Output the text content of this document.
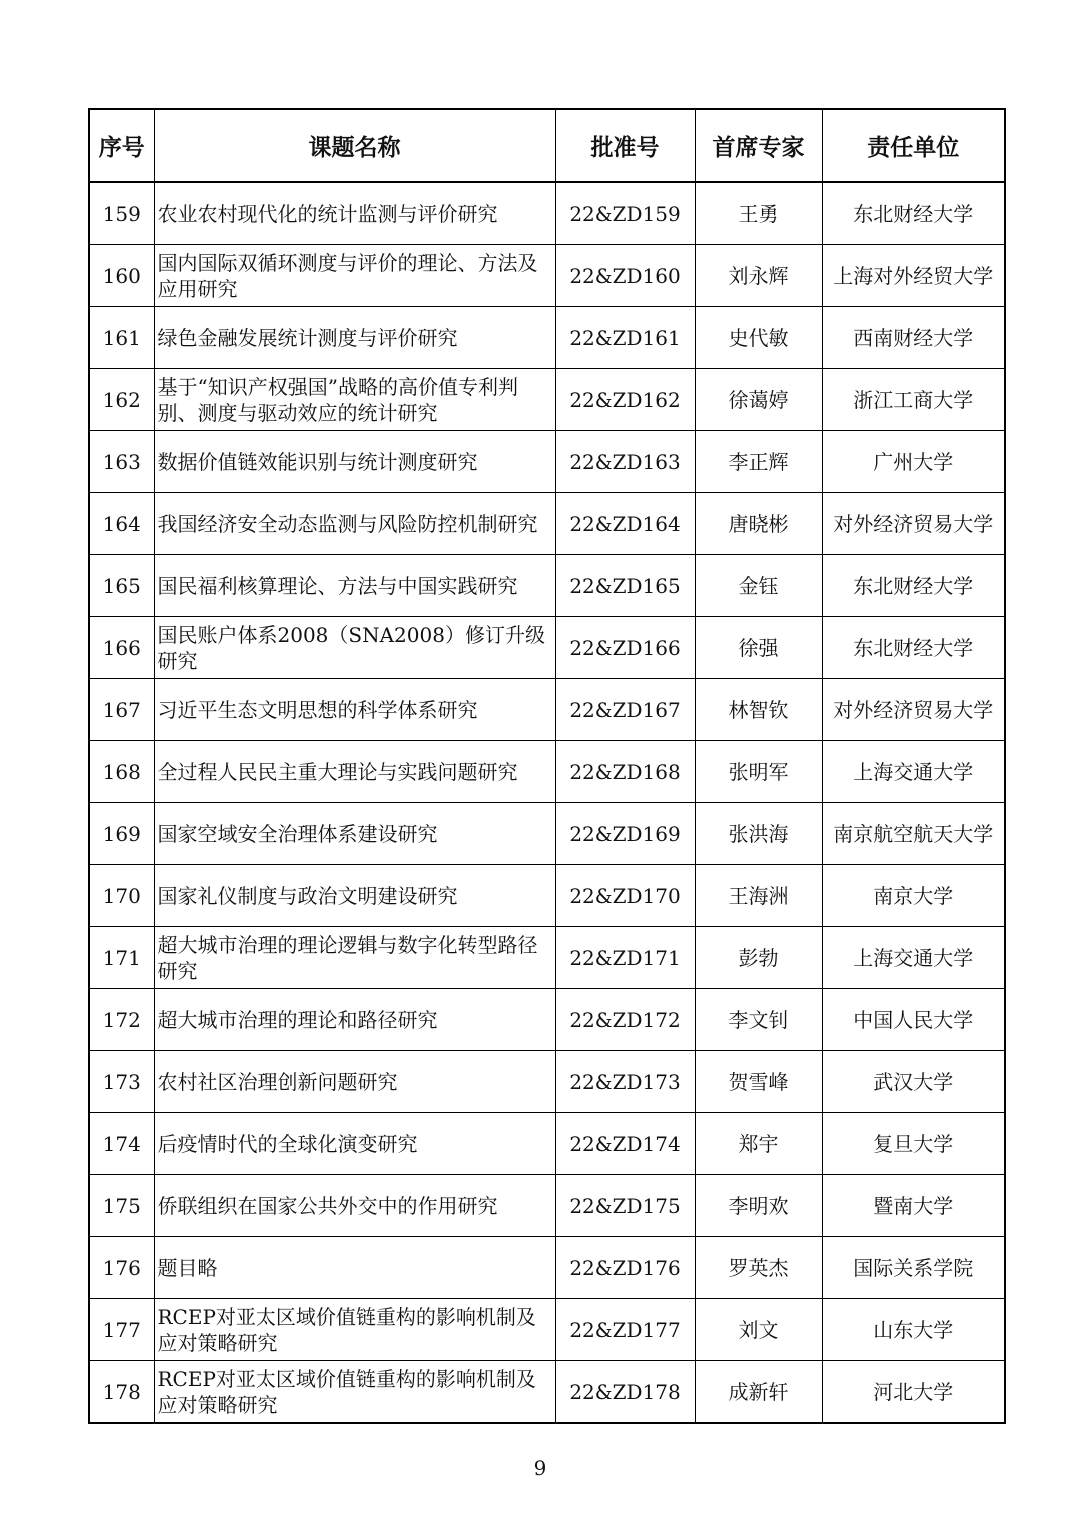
序号	课题名称	批准号	首席专家	责任单位
159	农业农村现代化的统计监测与评价研究	22&ZD159	王勇	东北财经大学
160	国内国际双循环测度与评价的理论、方法及应用研究	22&ZD160	刘永辉	上海对外经贸大学
161	绿色金融发展统计测度与评价研究	22&ZD161	史代敏	西南财经大学
162	基于“知识产权强国”战略的高价值专利判别、测度与驱动效应的统计研究	22&ZD162	徐蔼婷	浙江工商大学
163	数据价值链效能识别与统计测度研究	22&ZD163	李正辉	广州大学
164	我国经济安全动态监测与风险防控机制研究	22&ZD164	唐晓彬	对外经济贸易大学
165	国民福利核算理论、方法与中国实践研究	22&ZD165	金钰	东北财经大学
166	国民账户体系2008（SNA2008）修订升级研究	22&ZD166	徐强	东北财经大学
167	习近平生态文明思想的科学体系研究	22&ZD167	林智钦	对外经济贸易大学
168	全过程人民民主重大理论与实践问题研究	22&ZD168	张明军	上海交通大学
169	国家空域安全治理体系建设研究	22&ZD169	张洪海	南京航空航天大学
170	国家礼仪制度与政治文明建设研究	22&ZD170	王海洲	南京大学
171	超大城市治理的理论逻辑与数字化转型路径研究	22&ZD171	彭勃	上海交通大学
172	超大城市治理的理论和路径研究	22&ZD172	李文钊	中国人民大学
173	农村社区治理创新问题研究	22&ZD173	贺雪峰	武汉大学
174	后疫情时代的全球化演变研究	22&ZD174	郑宇	复旦大学
175	侨联组织在国家公共外交中的作用研究	22&ZD175	李明欢	暨南大学
176	题目略	22&ZD176	罗英杰	国际关系学院
177	RCEP对亚太区域价值链重构的影响机制及应对策略研究	22&ZD177	刘文	山东大学
178	RCEP对亚太区域价值链重构的影响机制及应对策略研究	22&ZD178	成新轩	河北大学
9
